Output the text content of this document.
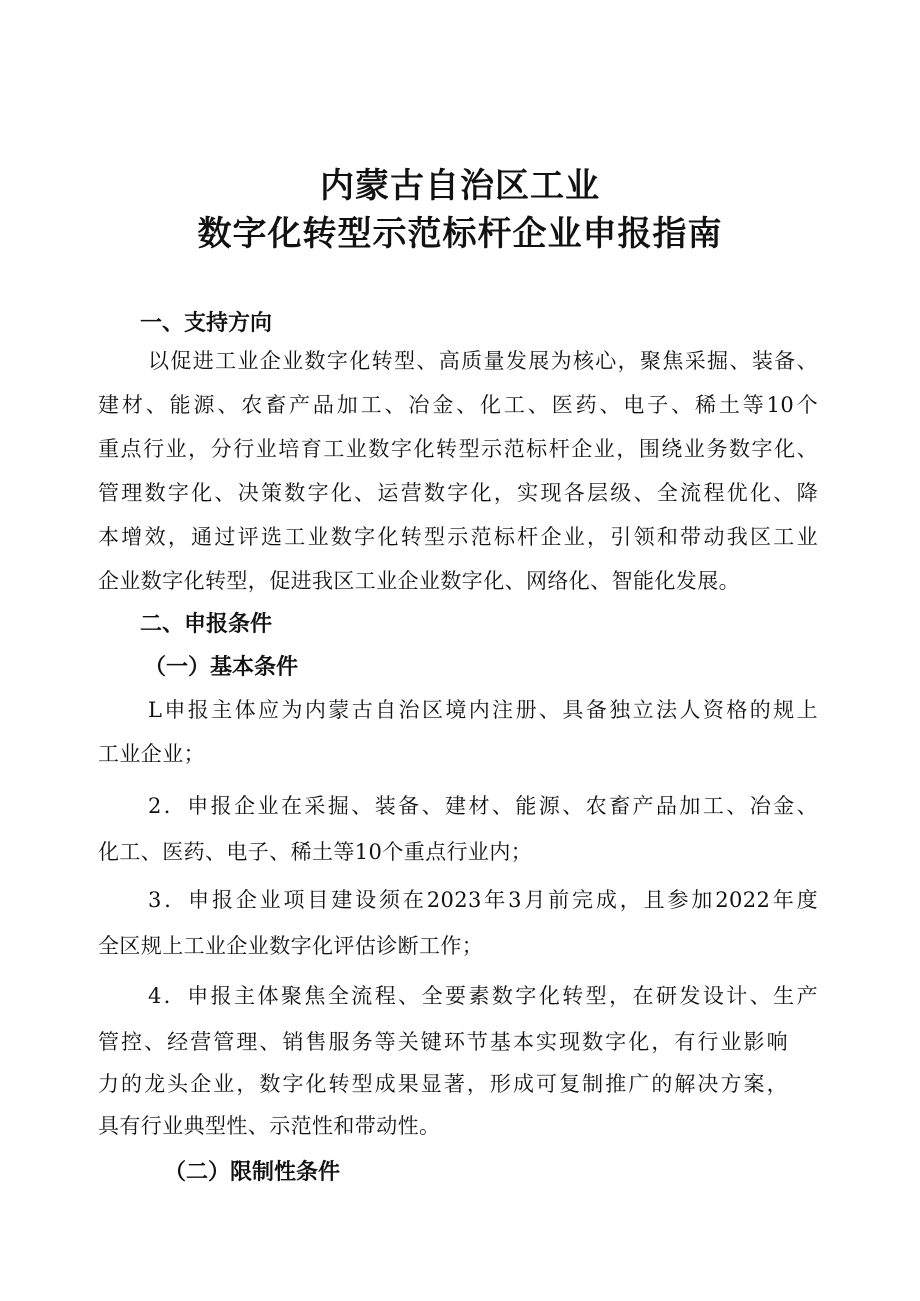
内蒙古自治区工业
数字化转型示范标杆企业申报指南
一、支持方向
以促进工业企业数字化转型、高质量发展为核心，聚焦采掘、装备、
建材、能源、农畜产品加工、冶金、化工、医药、电子、稀土等10个
重点行业，分行业培育工业数字化转型示范标杆企业，围绕业务数字化、
管理数字化、决策数字化、运营数字化，实现各层级、全流程优化、降
本增效，通过评选工业数字化转型示范标杆企业，引领和带动我区工业
企业数字化转型，促进我区工业企业数字化、网络化、智能化发展。
二、申报条件
（一）基本条件
L申报主体应为内蒙古自治区境内注册、具备独立法人资格的规上
工业企业；
2．申报企业在采掘、装备、建材、能源、农畜产品加工、冶金、
化工、医药、电子、稀土等10个重点行业内；
3．申报企业项目建设须在2023年3月前完成，且参加2022年度
全区规上工业企业数字化评估诊断工作；
4．申报主体聚焦全流程、全要素数字化转型，在研发设计、生产
管控、经营管理、销售服务等关键环节基本实现数字化，有行业影响
力的龙头企业，数字化转型成果显著，形成可复制推广的解决方案，
具有行业典型性、示范性和带动性。
（二）限制性条件
